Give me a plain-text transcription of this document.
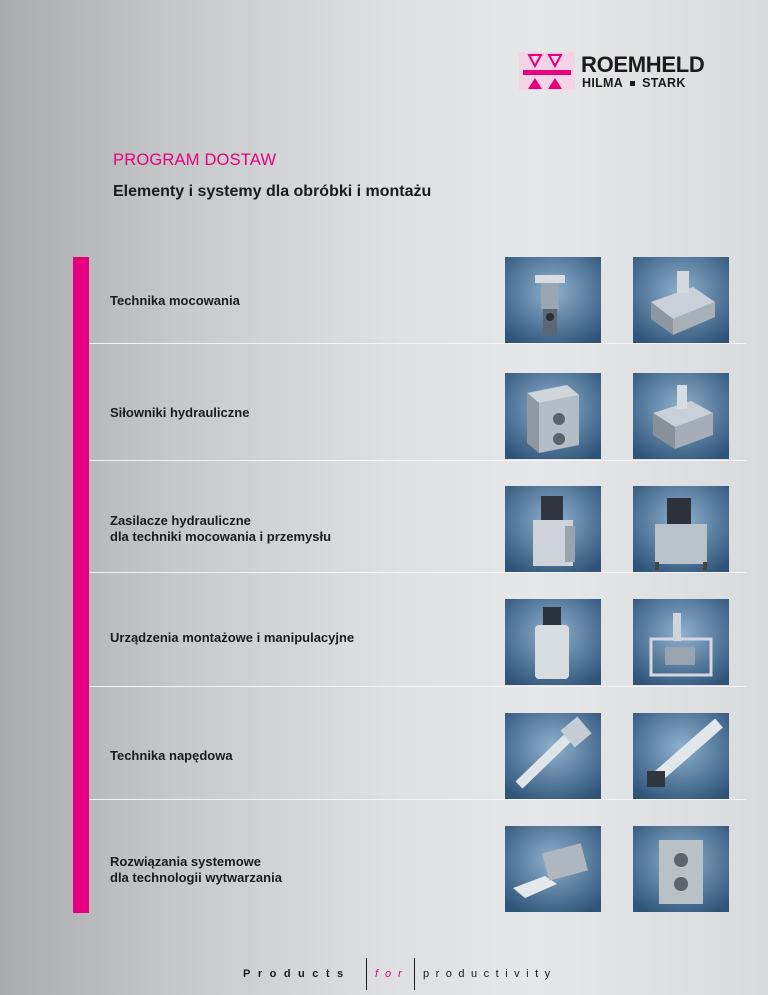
ROEMHELD
HILMA STARK
PROGRAM DOSTAW
Elementy i systemy dla obróbki i montażu
Technika mocowania
Siłowniki hydrauliczne
Zasilacze hydrauliczne
dla techniki mocowania i przemysłu
Urządzenia montażowe i manipulacyjne
Technika napędowa
Rozwiązania systemowe
dla technologii wytwarzania
Products for productivity
